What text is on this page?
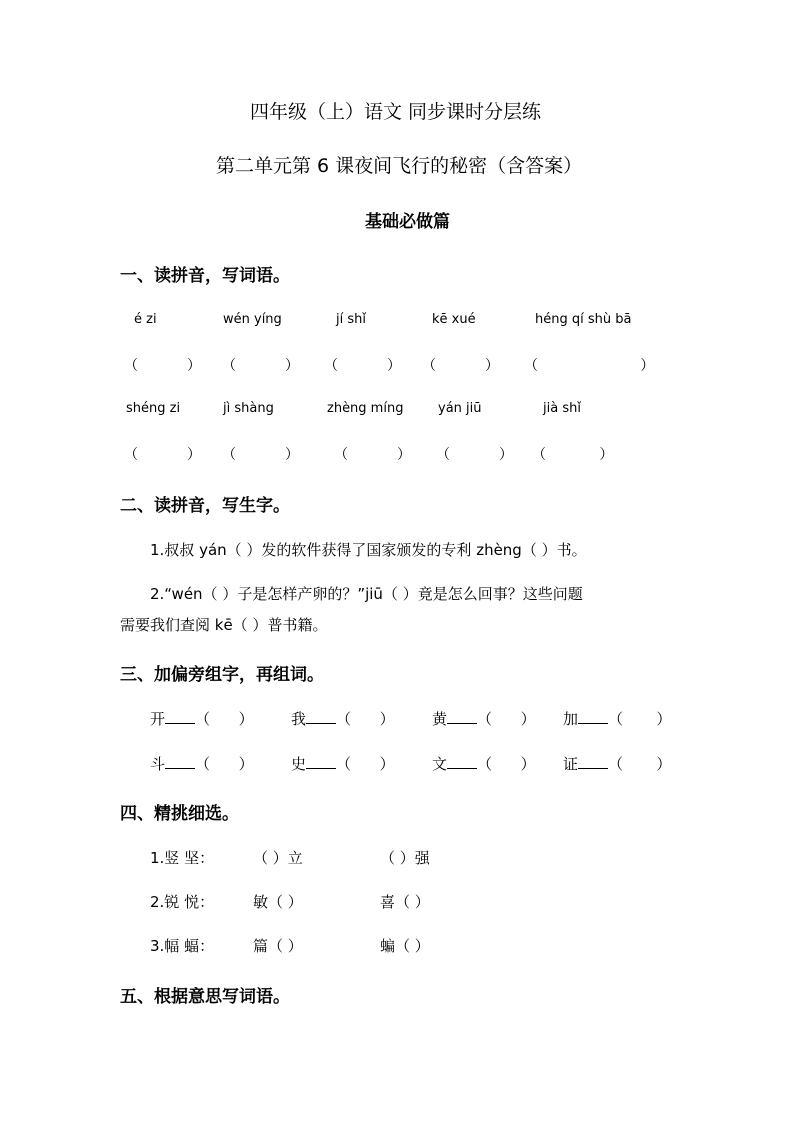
四年级（上）语文 同步课时分层练
第二单元第 6 课夜间飞行的秘密（含答案）
基础必做篇
一、读拼音，写词语。
é zi	wén yíng	jí shǐ	kē xué	héng qí shù bā
（           ） （           ） （           ） （           ） （                       ）
shéng zi	jì shàng	zhèng míng	yán jiū	jià shǐ
（           ） （           ）	（           ） （           ） （            ）
二、读拼音，写生字。
1.叔叔 yán（ ）发的软件获得了国家颁发的专利 zhèng（ ）书。
2.“wén（ ）子是怎样产卵的？”jiū（ ）竟是怎么回事？这些问题
需要我们查阅 kē（ ）普书籍。
三、加偏旁组字，再组词。
开 （      ） 我 （      ） 黄 （      ） 加 （       ）
斗 （      ） 史 （      ） 文 （      ） 证 （       ）
四、精挑细选。
1.竖 坚：	（ ）立	（ ）强
2.锐 悦：	敏（ ）	喜（ ）
3.幅 蝠：	篇（ ）	蝙（ ）
五、根据意思写词语。
